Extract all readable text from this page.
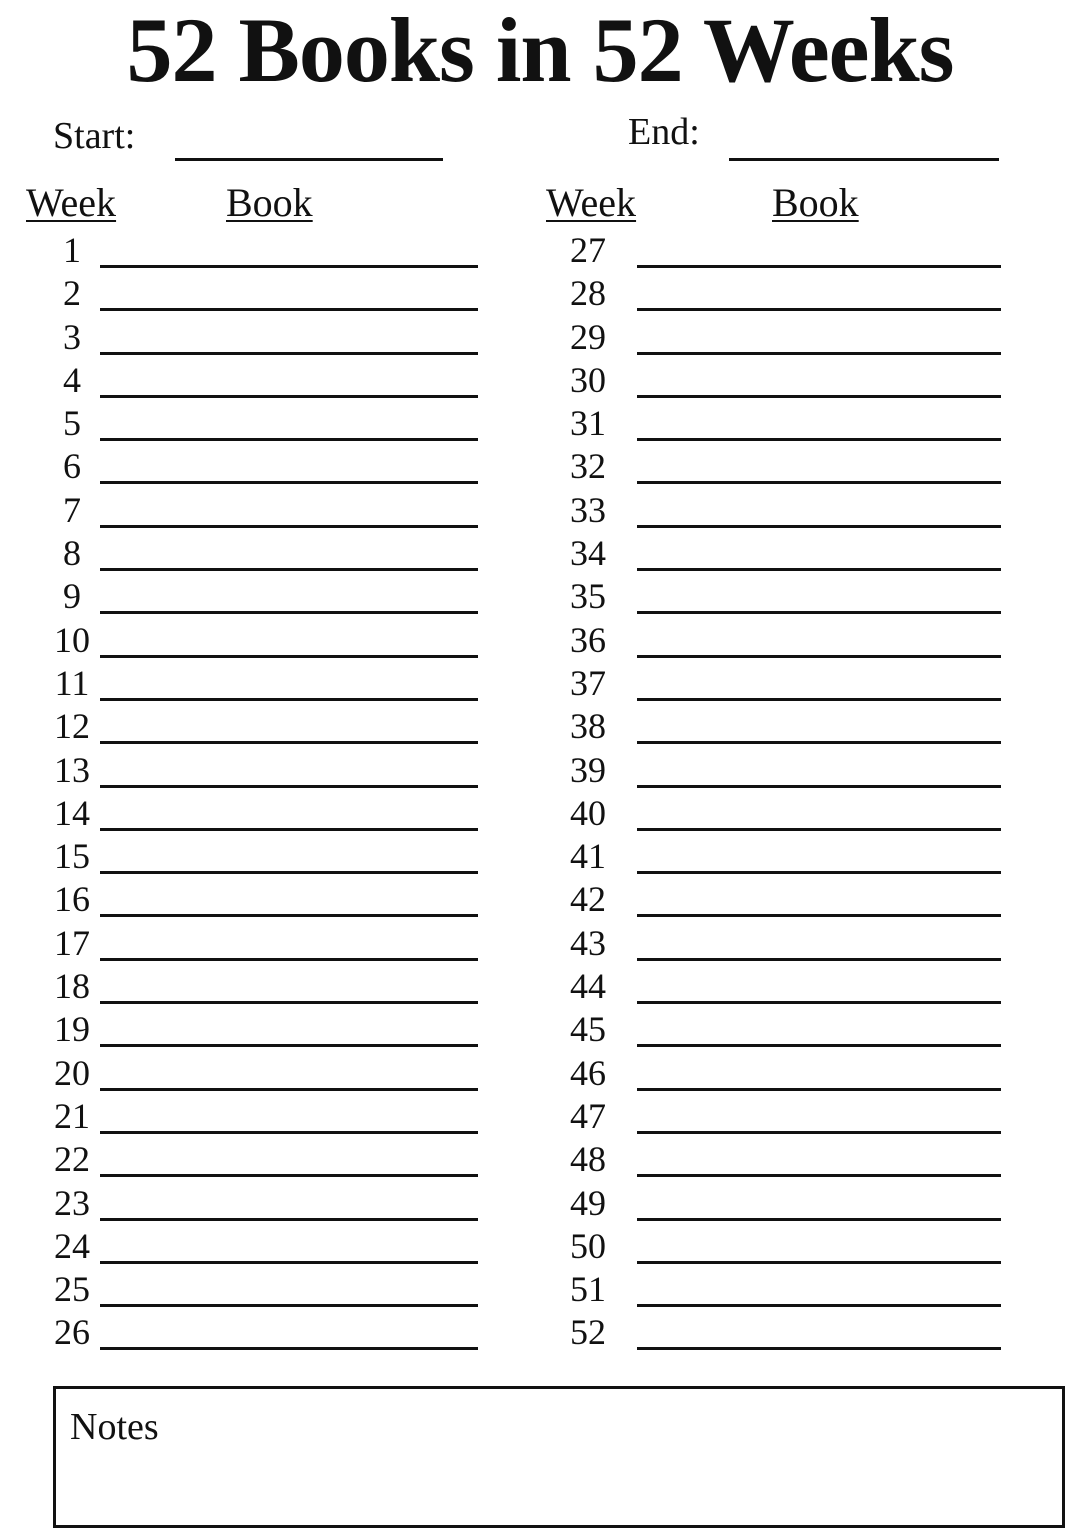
52 Books in 52 Weeks
Start:	End:
Week	Book	Week	Book
1
2
3
4
5
6
7
8
9
10
11
12
13
14
15
16
17
18
19
20
21
22
23
24
25
26
27
28
29
30
31
32
33
34
35
36
37
38
39
40
41
42
43
44
45
46
47
48
49
50
51
52
Notes
